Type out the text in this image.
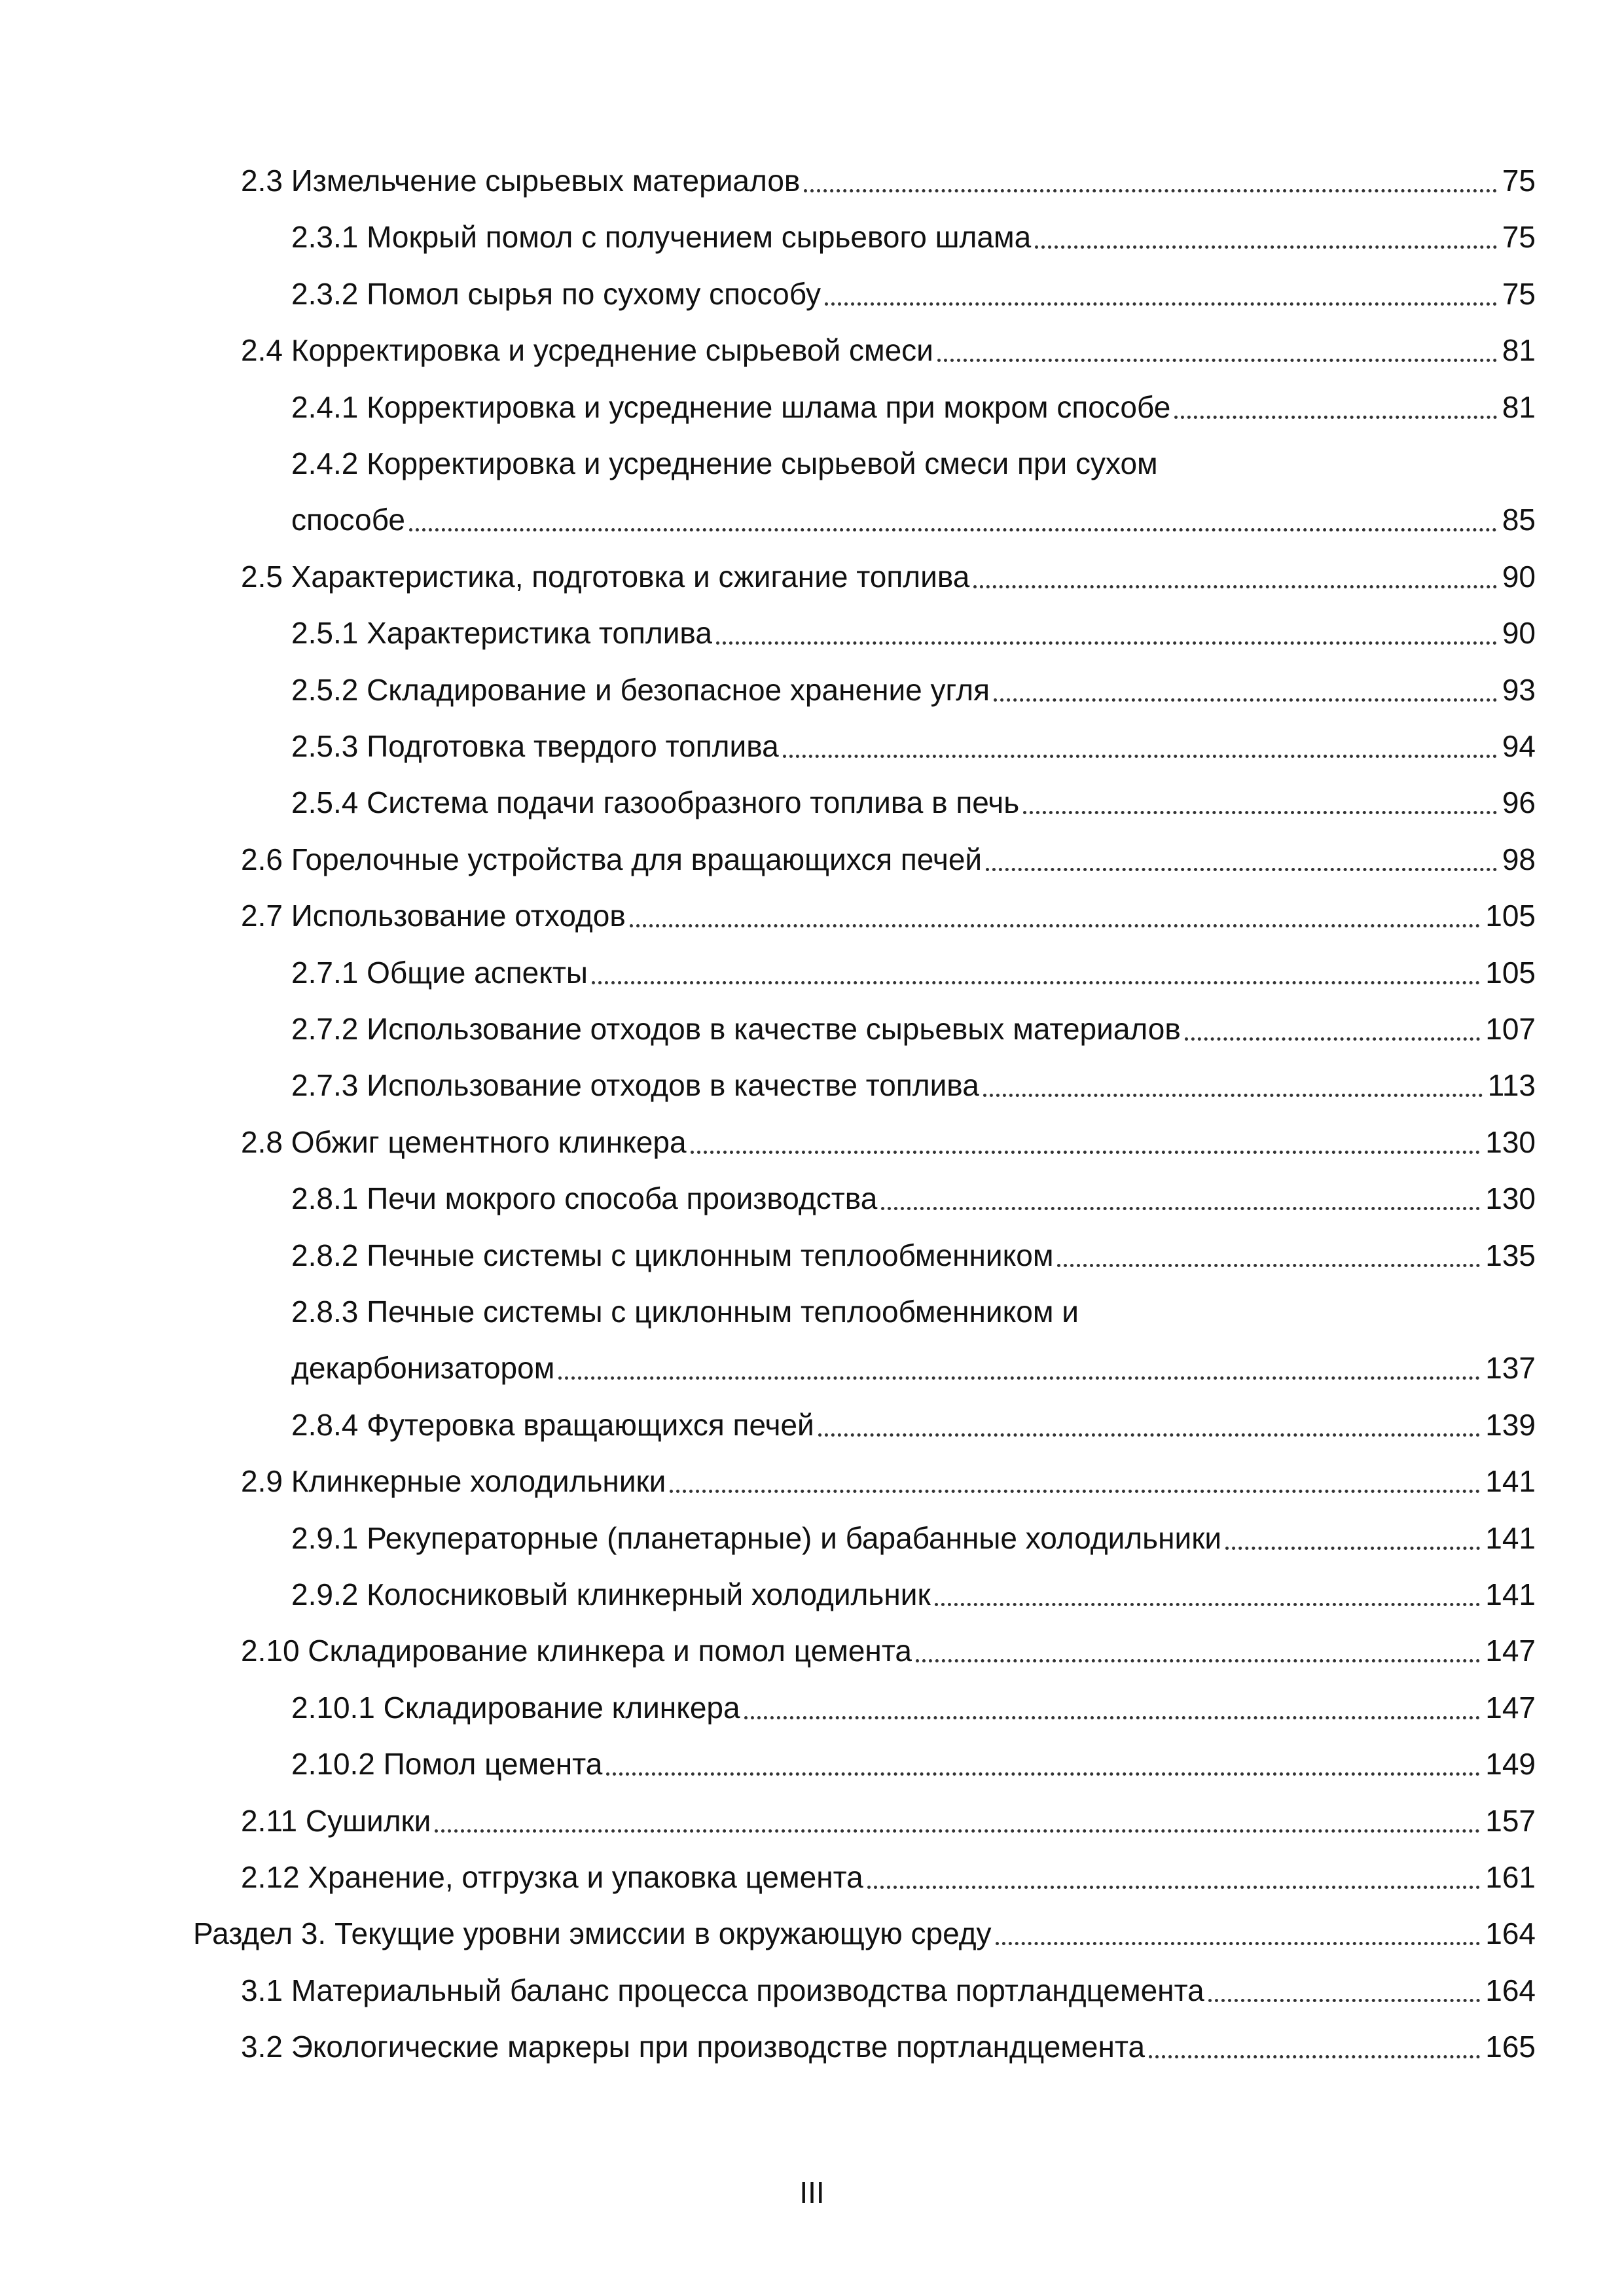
2.3 Измельчение сырьевых материалов	75
2.3.1 Мокрый помол с получением сырьевого шлама	75
2.3.2 Помол сырья по сухому способу	75
2.4 Корректировка и усреднение сырьевой смеси	81
2.4.1 Корректировка и усреднение шлама при мокром способе	81
2.4.2 Корректировка и усреднение сырьевой смеси при сухом
способе	85
2.5 Характеристика, подготовка и сжигание топлива	90
2.5.1 Характеристика топлива	90
2.5.2 Складирование и безопасное хранение угля	93
2.5.3 Подготовка твердого топлива	94
2.5.4 Система подачи газообразного топлива в печь	96
2.6 Горелочные устройства для вращающихся печей	98
2.7 Использование отходов	105
2.7.1 Общие аспекты	105
2.7.2 Использование отходов в качестве сырьевых материалов	107
2.7.3 Использование отходов в качестве топлива	113
2.8 Обжиг цементного клинкера	130
2.8.1 Печи мокрого способа производства	130
2.8.2 Печные системы с циклонным теплообменником	135
2.8.3 Печные системы с циклонным теплообменником и
декарбонизатором	137
2.8.4 Футеровка вращающихся печей	139
2.9 Клинкерные холодильники	141
2.9.1 Рекуператорные (планетарные) и барабанные холодильники	141
2.9.2 Колосниковый клинкерный холодильник	141
2.10 Складирование клинкера и помол цемента	147
2.10.1 Складирование клинкера	147
2.10.2 Помол цемента	149
2.11 Сушилки	157
2.12 Хранение, отгрузка и упаковка цемента	161
Раздел 3. Текущие уровни эмиссии в окружающую среду	164
3.1 Материальный баланс процесса производства портландцемента	164
3.2 Экологические маркеры при производстве портландцемента	165
III
